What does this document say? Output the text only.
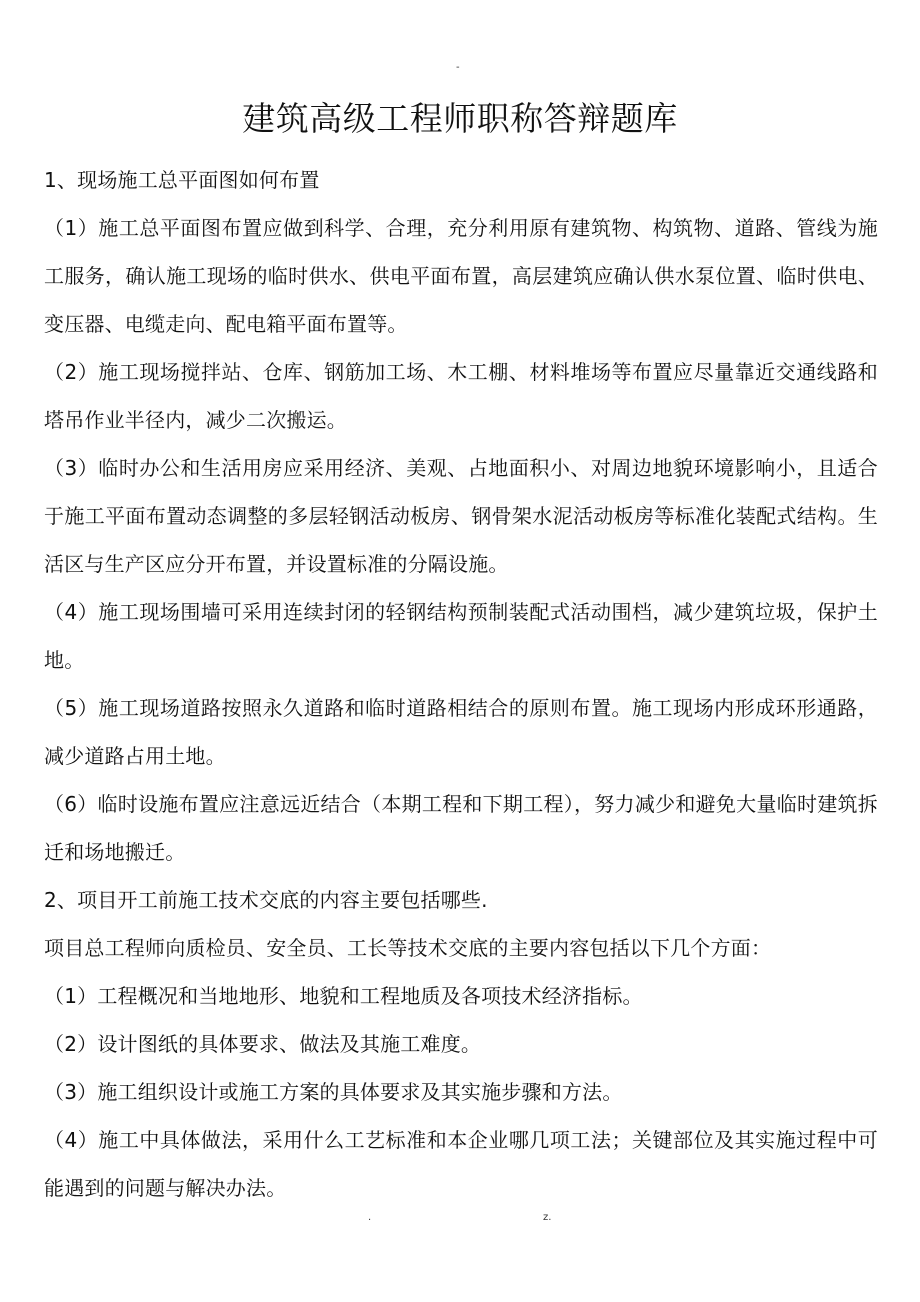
-
建筑高级工程师职称答辩题库

1、现场施工总平面图如何布置

（1）施工总平面图布置应做到科学、合理，充分利用原有建筑物、构筑物、道路、管线为施工服务，确认施工现场的临时供水、供电平面布置，高层建筑应确认供水泵位置、临时供电、变压器、电缆走向、配电箱平面布置等。

（2）施工现场搅拌站、仓库、钢筋加工场、木工棚、材料堆场等布置应尽量靠近交通线路和塔吊作业半径内，减少二次搬运。

（3）临时办公和生活用房应采用经济、美观、占地面积小、对周边地貌环境影响小，且适合于施工平面布置动态调整的多层轻钢活动板房、钢骨架水泥活动板房等标准化装配式结构。生活区与生产区应分开布置，并设置标准的分隔设施。

（4）施工现场围墙可采用连续封闭的轻钢结构预制装配式活动围档，减少建筑垃圾，保护土地。

（5）施工现场道路按照永久道路和临时道路相结合的原则布置。施工现场内形成环形通路，减少道路占用土地。

（6）临时设施布置应注意远近结合（本期工程和下期工程），努力减少和避免大量临时建筑拆迁和场地搬迁。

2、项目开工前施工技术交底的内容主要包括哪些.

项目总工程师向质检员、安全员、工长等技术交底的主要内容包括以下几个方面：

（1）工程概况和当地地形、地貌和工程地质及各项技术经济指标。

（2）设计图纸的具体要求、做法及其施工难度。

（3）施工组织设计或施工方案的具体要求及其实施步骤和方法。

（4）施工中具体做法，采用什么工艺标准和本企业哪几项工法；关键部位及其实施过程中可能遇到的问题与解决办法。

.	z.
